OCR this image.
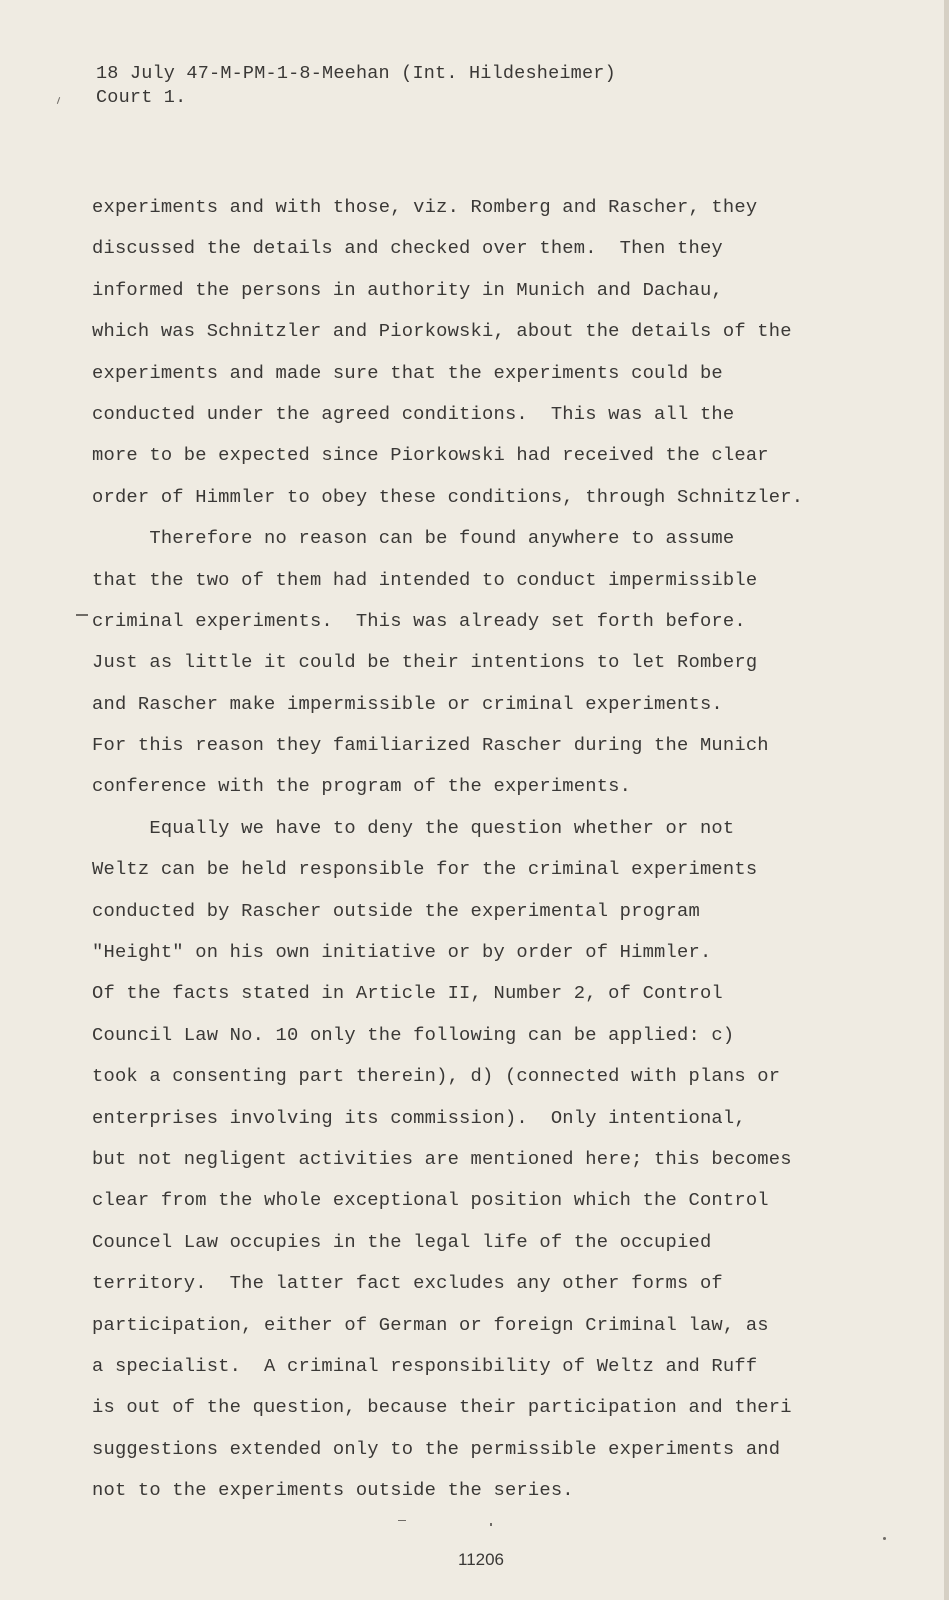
18 July 47-M-PM-1-8-Meehan (Int. Hildesheimer)
Court 1.
experiments and with those, viz. Romberg and Rascher, they
discussed the details and checked over them.  Then they
informed the persons in authority in Munich and Dachau,
which was Schnitzler and Piorkowski, about the details of the
experiments and made sure that the experiments could be
conducted under the agreed conditions.  This was all the
more to be expected since Piorkowski had received the clear
order of Himmler to obey these conditions, through Schnitzler.
Therefore no reason can be found anywhere to assume
that the two of them had intended to conduct impermissible
criminal experiments.  This was already set forth before.
Just as little it could be their intentions to let Romberg
and Rascher make impermissible or criminal experiments.
For this reason they familiarized Rascher during the Munich
conference with the program of the experiments.
Equally we have to deny the question whether or not
Weltz can be held responsible for the criminal experiments
conducted by Rascher outside the experimental program
"Height" on his own initiative or by order of Himmler.
Of the facts stated in Article II, Number 2, of Control
Council Law No. 10 only the following can be applied: c)
took a consenting part therein), d) (connected with plans or
enterprises involving its commission).  Only intentional,
but not negligent activities are mentioned here; this becomes
clear from the whole exceptional position which the Control
Councel Law occupies in the legal life of the occupied
territory.  The latter fact excludes any other forms of
participation, either of German or foreign Criminal law, as
a specialist.  A criminal responsibility of Weltz and Ruff
is out of the question, because their participation and theri
suggestions extended only to the permissible experiments and
not to the experiments outside the series.
11206
